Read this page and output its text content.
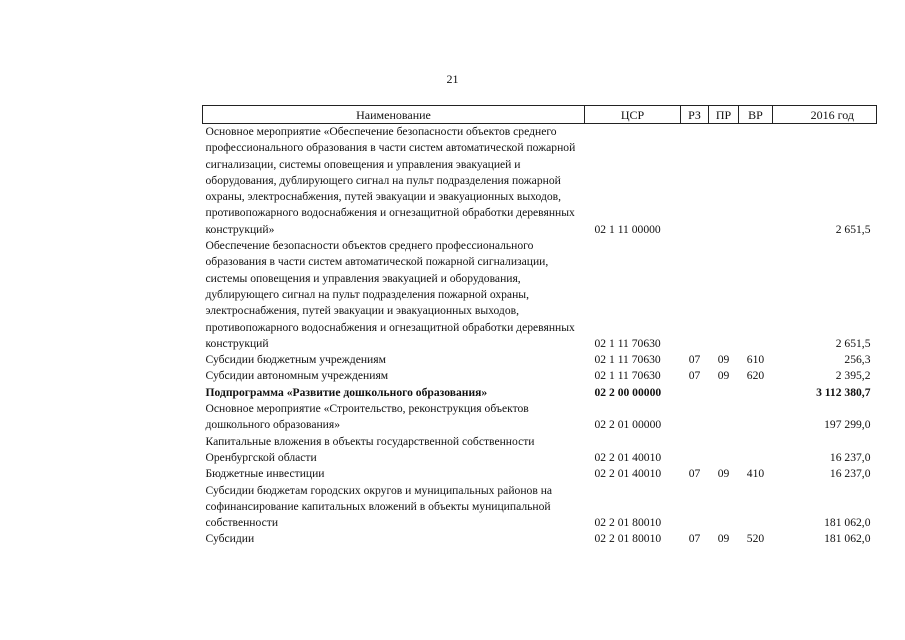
21
Наименование	ЦСР	РЗ	ПР	ВР	2016 год
Основное мероприятие «Обеспечение безопасности объектов среднего профессионального образования в части систем автоматической пожарной сигнализации, системы оповещения и управления эвакуацией и оборудования, дублирующего сигнал на пульт подразделения пожарной охраны, электроснабжения, путей эвакуации и эвакуационных выходов, противопожарного водоснабжения и огнезащитной обработки деревянных конструкций»	02 1 11 00000				2 651,5
Обеспечение безопасности объектов среднего профессионального образования в части систем автоматической пожарной сигнализации, системы оповещения и управления эвакуацией и оборудования, дублирующего сигнал на пульт подразделения пожарной охраны, электроснабжения, путей эвакуации и эвакуационных выходов, противопожарного водоснабжения и огнезащитной обработки деревянных конструкций	02 1 11 70630				2 651,5
Субсидии бюджетным учреждениям	02 1 11 70630	07	09	610	256,3
Субсидии автономным учреждениям	02 1 11 70630	07	09	620	2 395,2
Подпрограмма «Развитие дошкольного образования»	02 2 00 00000				3 112 380,7
Основное мероприятие «Строительство, реконструкция объектов дошкольного образования»	02 2 01 00000				197 299,0
Капитальные вложения в объекты государственной собственности Оренбургской области	02 2 01 40010				16 237,0
Бюджетные инвестиции	02 2 01 40010	07	09	410	16 237,0
Субсидии бюджетам городских округов и муниципальных районов на софинансирование капитальных вложений в объекты муниципальной собственности	02 2 01 80010				181 062,0
Субсидии	02 2 01 80010	07	09	520	181 062,0
